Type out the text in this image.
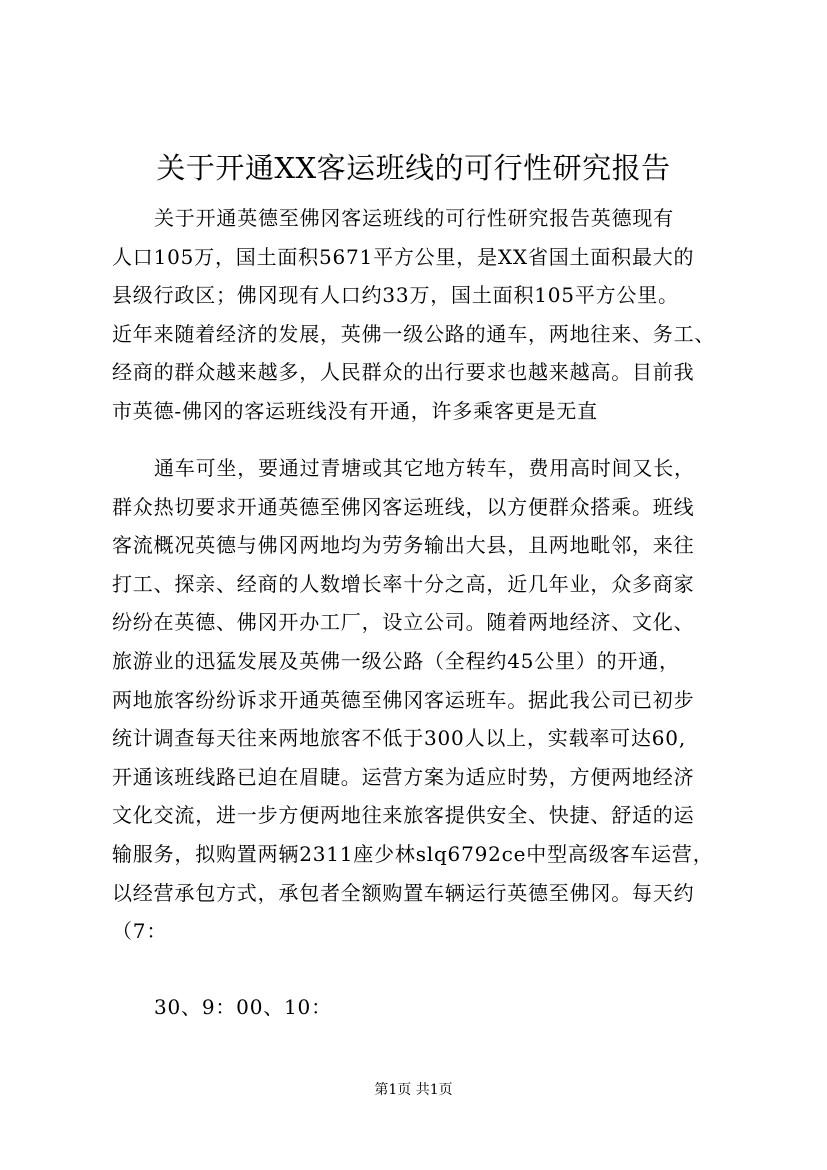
关于开通XX客运班线的可行性研究报告

关于开通英德至佛冈客运班线的可行性研究报告英德现有
人口105万，国土面积5671平方公里，是XX省国土面积最大的
县级行政区；佛冈现有人口约33万，国土面积105平方公里。
近年来随着经济的发展，英佛一级公路的通车，两地往来、务工、
经商的群众越来越多，人民群众的出行要求也越来越高。目前我
市英德-佛冈的客运班线没有开通，许多乘客更是无直

通车可坐，要通过青塘或其它地方转车，费用高时间又长，
群众热切要求开通英德至佛冈客运班线，以方便群众搭乘。班线
客流概况英德与佛冈两地均为劳务输出大县，且两地毗邻，来往
打工、探亲、经商的人数增长率十分之高，近几年业，众多商家
纷纷在英德、佛冈开办工厂，设立公司。随着两地经济、文化、
旅游业的迅猛发展及英佛一级公路（全程约45公里）的开通，
两地旅客纷纷诉求开通英德至佛冈客运班车。据此我公司已初步
统计调查每天往来两地旅客不低于300人以上，实载率可达60,
开通该班线路已迫在眉睫。运营方案为适应时势，方便两地经济
文化交流，进一步方便两地往来旅客提供安全、快捷、舒适的运
输服务，拟购置两辆2311座少林slq6792ce中型高级客车运营，
以经营承包方式，承包者全额购置车辆运行英德至佛冈。每天约
（7：

30、9：00、10：

第1页 共1页
